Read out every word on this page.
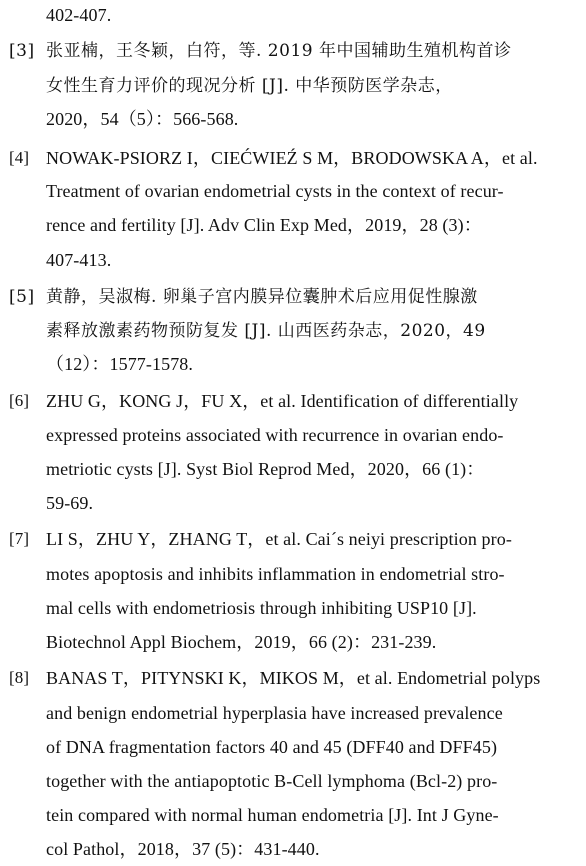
402-407.
[3] 张亚楠，王冬颖，白符，等. 2019 年中国辅助生殖机构首诊
女性生育力评价的现况分析 [J]. 中华预防医学杂志，
2020，54（5）：566-568.
[4] NOWAK-PSIORZ I，CIEĆWIEŹ S M，BRODOWSKA A，et al.
Treatment of ovarian endometrial cysts in the context of recur-
rence and fertility [J]. Adv Clin Exp Med，2019，28 (3)：
407-413.
[5] 黄静，吴淑梅. 卵巢子宫内膜异位囊肿术后应用促性腺激
素释放激素药物预防复发 [J]. 山西医药杂志，2020，49
（12）：1577-1578.
[6] ZHU G，KONG J，FU X，et al. Identification of differentially
expressed proteins associated with recurrence in ovarian endo-
metriotic cysts [J]. Syst Biol Reprod Med，2020，66 (1)：
59-69.
[7] LI S，ZHU Y，ZHANG T，et al. Cai´s neiyi prescription pro-
motes apoptosis and inhibits inflammation in endometrial stro-
mal cells with endometriosis through inhibiting USP10 [J].
Biotechnol Appl Biochem，2019，66 (2)：231-239.
[8] BANAS T，PITYNSKI K，MIKOS M，et al. Endometrial polyps
and benign endometrial hyperplasia have increased prevalence
of DNA fragmentation factors 40 and 45 (DFF40 and DFF45)
together with the antiapoptotic B-Cell lymphoma (Bcl-2) pro-
tein compared with normal human endometria [J]. Int J Gyne-
col Pathol，2018，37 (5)：431-440.
